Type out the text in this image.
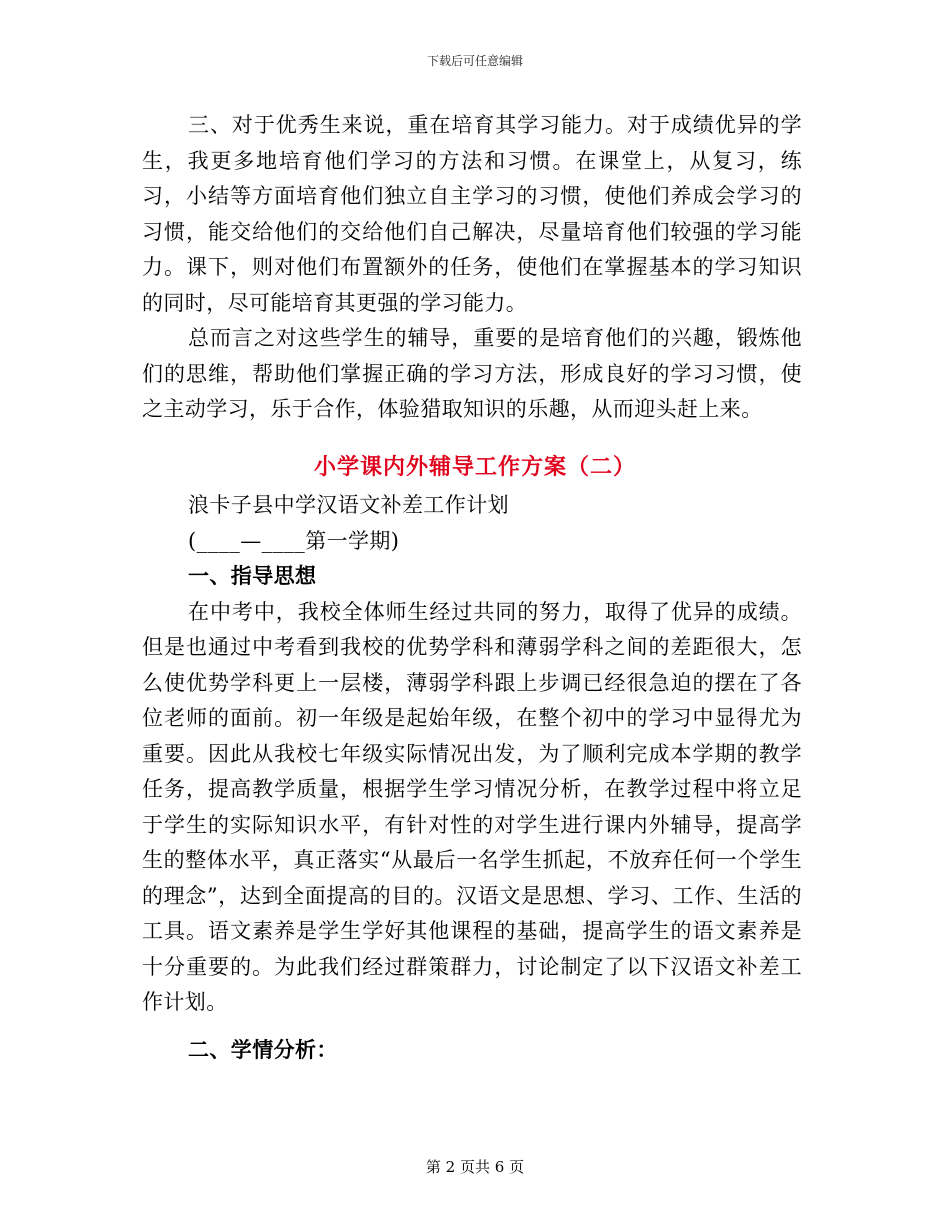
下载后可任意编辑

三、对于优秀生来说，重在培育其学习能力。对于成绩优异的学生，我更多地培育他们学习的方法和习惯。在课堂上，从复习，练习，小结等方面培育他们独立自主学习的习惯，使他们养成会学习的习惯，能交给他们的交给他们自己解决，尽量培育他们较强的学习能力。课下，则对他们布置额外的任务，使他们在掌握基本的学习知识的同时，尽可能培育其更强的学习能力。

总而言之对这些学生的辅导，重要的是培育他们的兴趣，锻炼他们的思维，帮助他们掌握正确的学习方法，形成良好的学习习惯，使之主动学习，乐于合作，体验猎取知识的乐趣，从而迎头赶上来。

小学课内外辅导工作方案（二）

浪卡子县中学汉语文补差工作计划

(____—____第一学期)

一、指导思想

在中考中，我校全体师生经过共同的努力，取得了优异的成绩。但是也通过中考看到我校的优势学科和薄弱学科之间的差距很大，怎么使优势学科更上一层楼，薄弱学科跟上步调已经很急迫的摆在了各位老师的面前。初一年级是起始年级，在整个初中的学习中显得尤为重要。因此从我校七年级实际情况出发，为了顺利完成本学期的教学任务，提高教学质量，根据学生学习情况分析，在教学过程中将立足于学生的实际知识水平，有针对性的对学生进行课内外辅导，提高学生的整体水平，真正落实“从最后一名学生抓起，不放弃任何一个学生的理念”，达到全面提高的目的。汉语文是思想、学习、工作、生活的工具。语文素养是学生学好其他课程的基础，提高学生的语文素养是十分重要的。为此我们经过群策群力，讨论制定了以下汉语文补差工作计划。

二、学情分析：

第 2 页共 6 页
